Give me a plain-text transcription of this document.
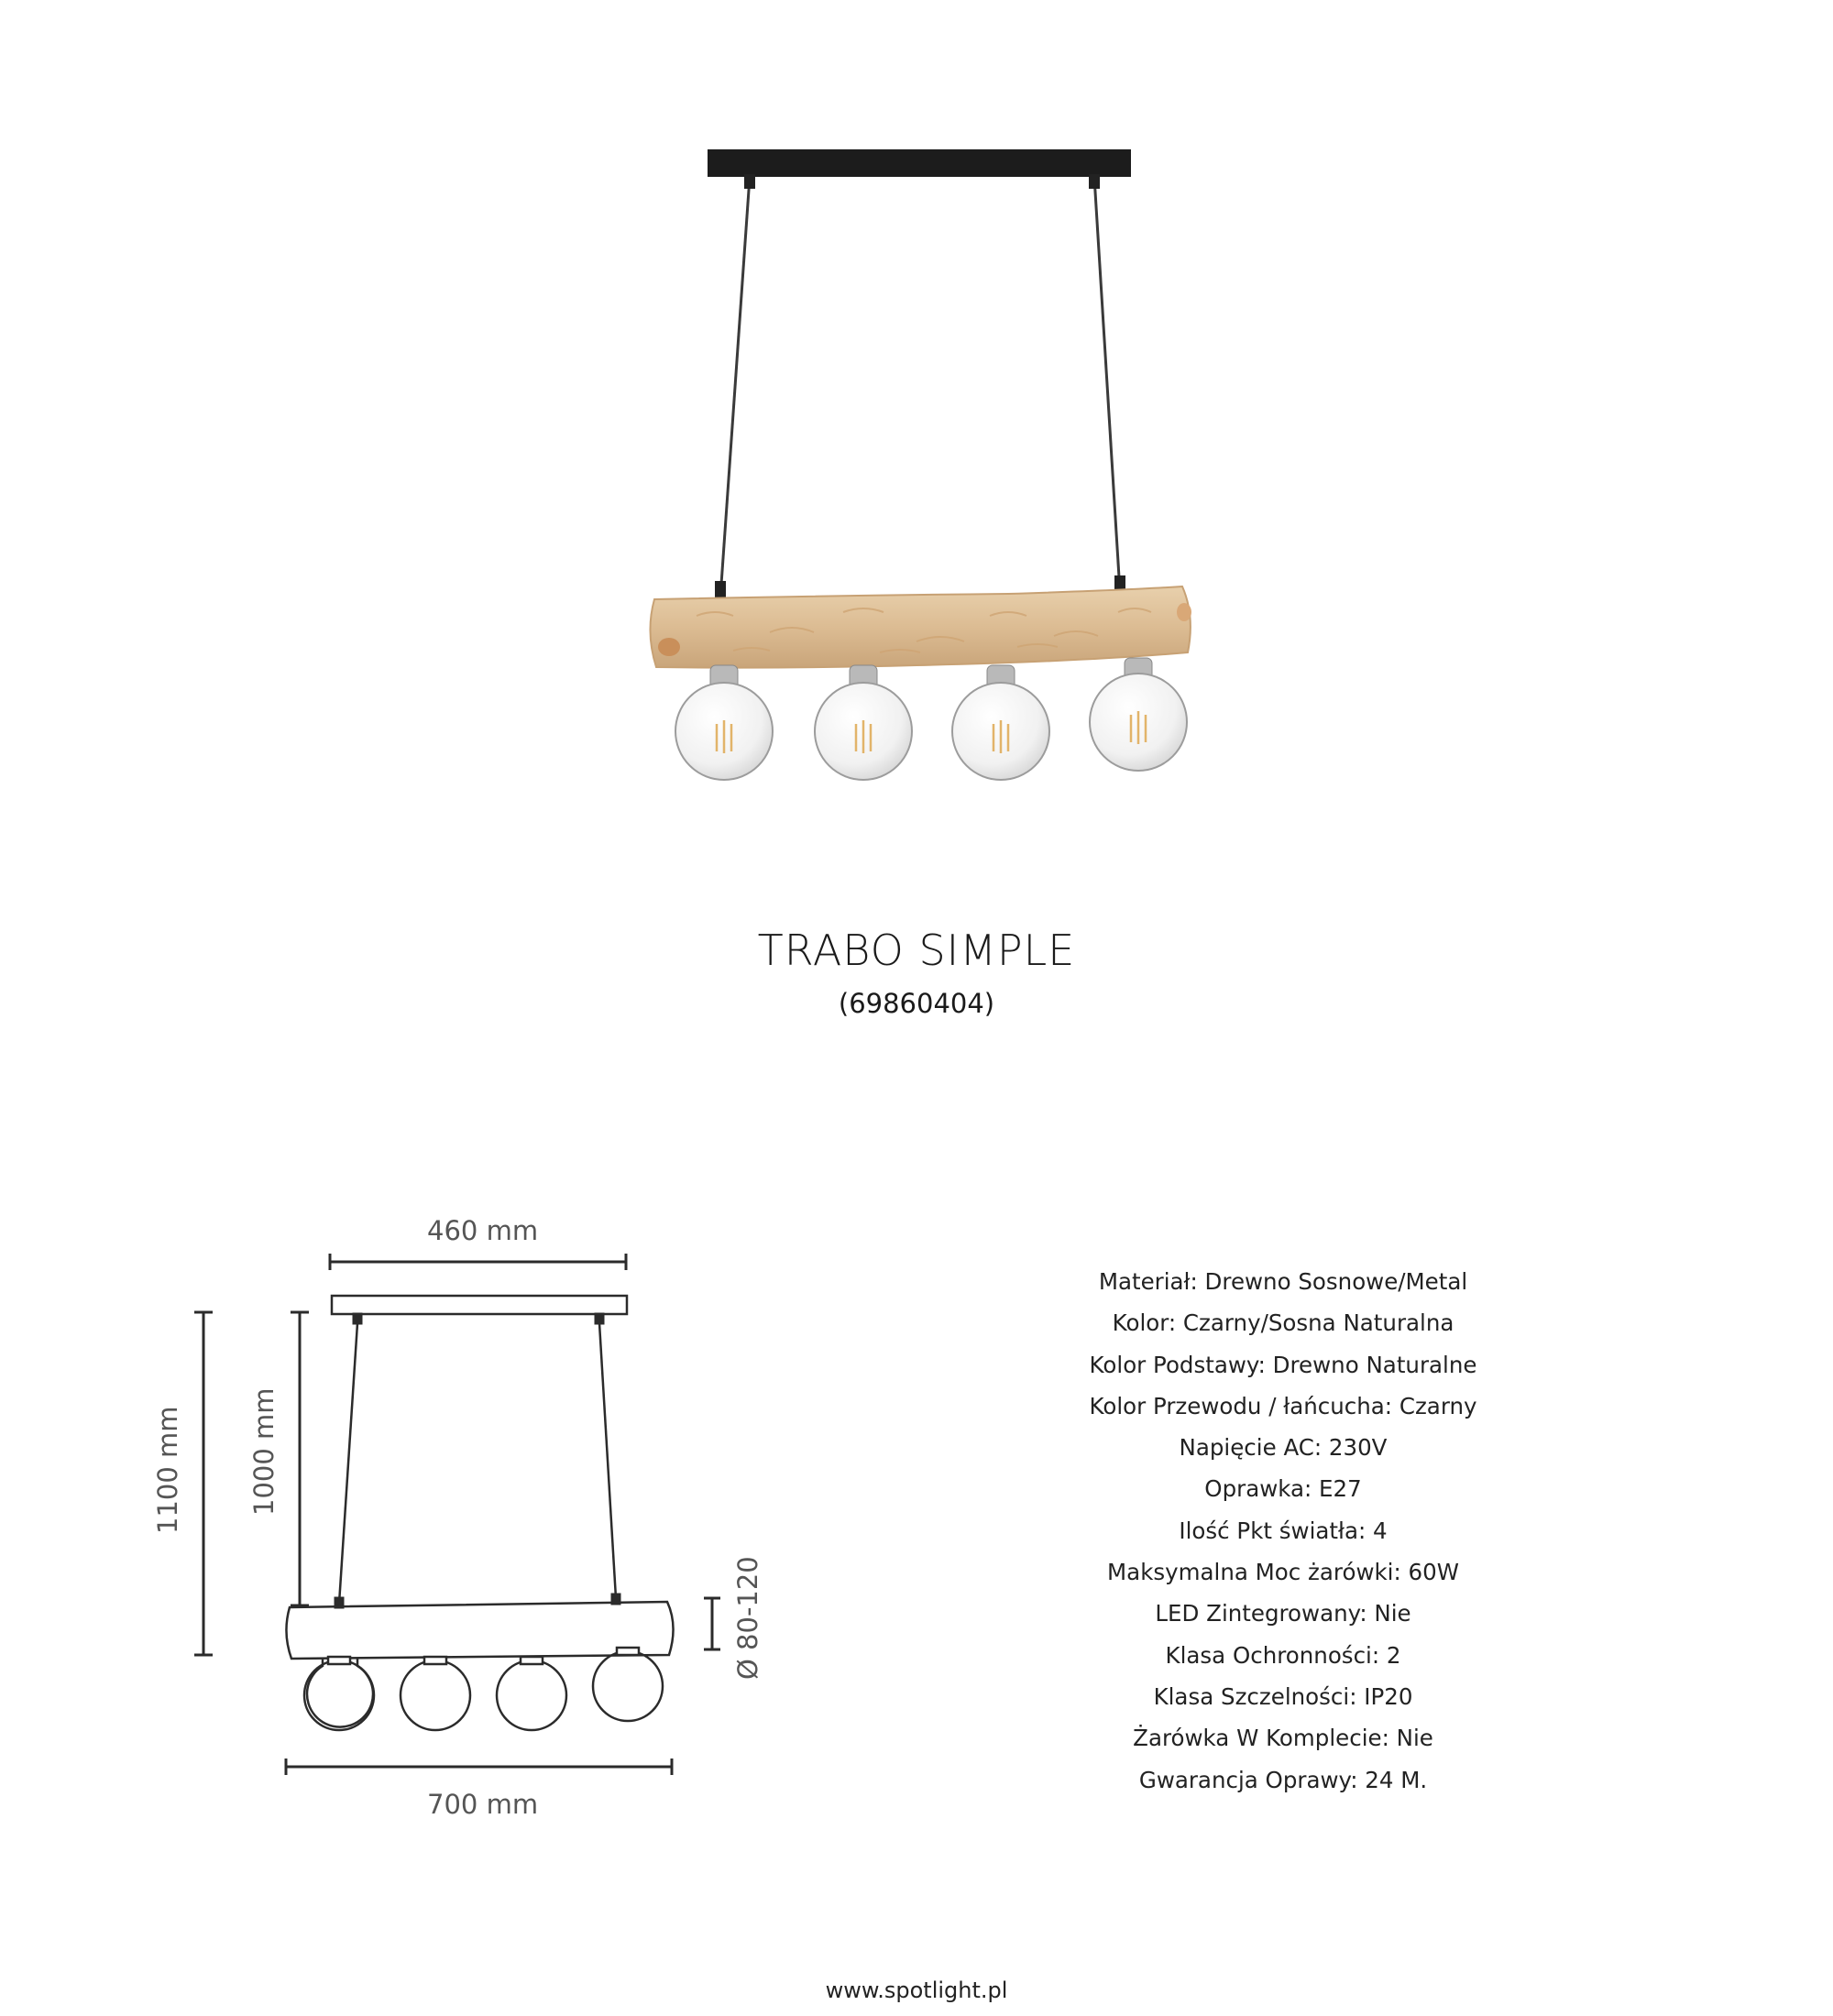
TRABO SIMPLE
(69860404)
460 mm
700 mm
1100 mm 1000 mm
Ø 80-120
Materiał: Drewno Sosnowe/Metal
Kolor: Czarny/Sosna Naturalna
Kolor Podstawy: Drewno Naturalne
Kolor Przewodu / łańcucha: Czarny
Napięcie AC: 230V
Oprawka: E27
Ilość Pkt światła: 4
Maksymalna Moc żarówki: 60W
LED Zintegrowany: Nie
Klasa Ochronności: 2
Klasa Szczelności: IP20
Żarówka W Komplecie: Nie
Gwarancja Oprawy: 24 M.
www.spotlight.pl
